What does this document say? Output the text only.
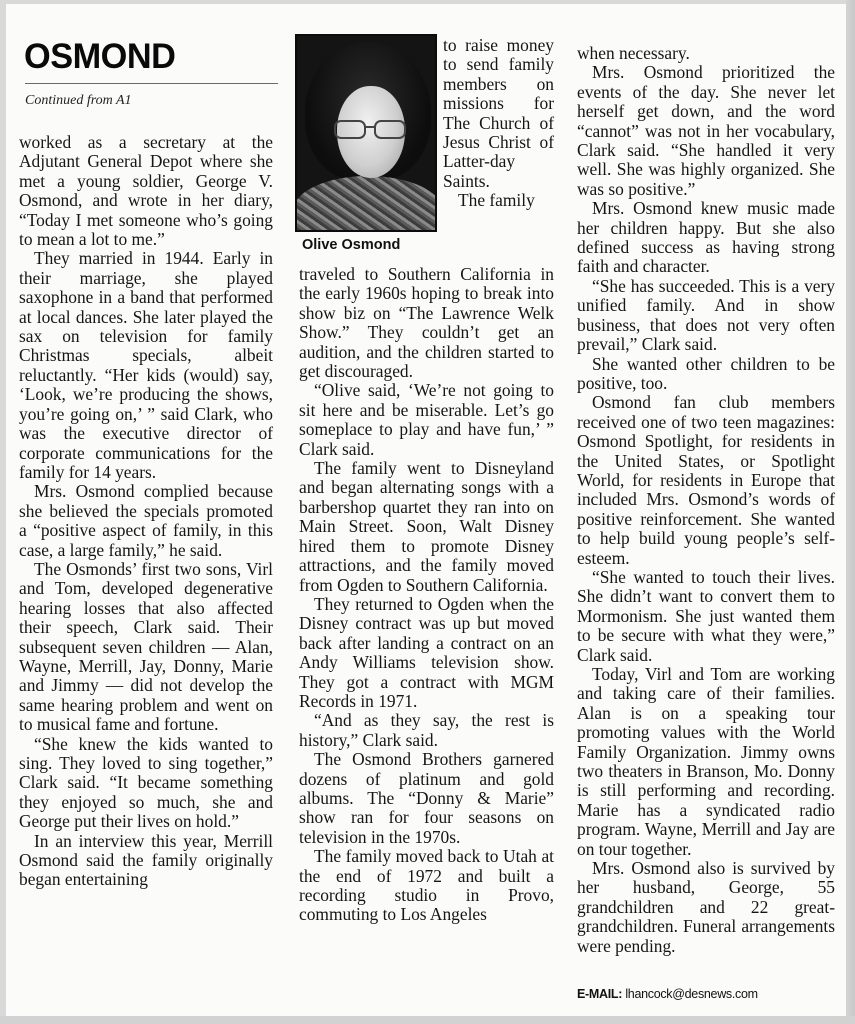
OSMOND
Continued from A1

worked as a secretary at the Adjutant General Depot where she met a young soldier, George V. Osmond, and wrote in her diary, “Today I met someone who’s going to mean a lot to me.”

They married in 1944. Early in their marriage, she played saxophone in a band that performed at local dances. She later played the sax on television for family Christmas specials, albeit reluctantly. “Her kids (would) say, ‘Look, we’re producing the shows, you’re going on,’ ” said Clark, who was the executive director of corporate communications for the family for 14 years.

Mrs. Osmond complied because she believed the specials promoted a “positive aspect of family, in this case, a large family,” he said.

The Osmonds’ first two sons, Virl and Tom, developed degenerative hearing losses that also affected their speech, Clark said. Their subsequent seven children — Alan, Wayne, Merrill, Jay, Donny, Marie and Jimmy — did not develop the same hearing problem and went on to musical fame and fortune.

“She knew the kids wanted to sing. They loved to sing together,” Clark said. “It became something they enjoyed so much, she and George put their lives on hold.”

In an interview this year, Merrill Osmond said the family originally began entertaining

Olive Osmond

to raise money to send family members on missions for The Church of Jesus Christ of Latter-day Saints.

The family

traveled to Southern California in the early 1960s hoping to break into show biz on “The Lawrence Welk Show.” They couldn’t get an audition, and the children started to get discouraged.

“Olive said, ‘We’re not going to sit here and be miserable. Let’s go someplace to play and have fun,’ ” Clark said.

The family went to Disneyland and began alternating songs with a barbershop quartet they ran into on Main Street. Soon, Walt Disney hired them to promote Disney attractions, and the family moved from Ogden to Southern California.

They returned to Ogden when the Disney contract was up but moved back after landing a contract on an Andy Williams television show. They got a contract with MGM Records in 1971.

“And as they say, the rest is history,” Clark said.

The Osmond Brothers garnered dozens of platinum and gold albums. The “Donny & Marie” show ran for four seasons on television in the 1970s.

The family moved back to Utah at the end of 1972 and built a recording studio in Provo, commuting to Los Angeles

when necessary.

Mrs. Osmond prioritized the events of the day. She never let herself get down, and the word “cannot” was not in her vocabulary, Clark said. “She handled it very well. She was highly organized. She was so positive.”

Mrs. Osmond knew music made her children happy. But she also defined success as having strong faith and character.

“She has succeeded. This is a very unified family. And in show business, that does not very often prevail,” Clark said.

She wanted other children to be positive, too.

Osmond fan club members received one of two teen magazines: Osmond Spotlight, for residents in the United States, or Spotlight World, for residents in Europe that included Mrs. Osmond’s words of positive reinforcement. She wanted to help build young people’s self-esteem.

“She wanted to touch their lives. She didn’t want to convert them to Mormonism. She just wanted them to be secure with what they were,” Clark said.

Today, Virl and Tom are working and taking care of their families. Alan is on a speaking tour promoting values with the World Family Organization. Jimmy owns two theaters in Branson, Mo. Donny is still performing and recording. Marie has a syndicated radio program. Wayne, Merrill and Jay are on tour together.

Mrs. Osmond also is survived by her husband, George, 55 grandchildren and 22 great-grandchildren. Funeral arrangements were pending.

E-MAIL: lhancock@desnews.com
